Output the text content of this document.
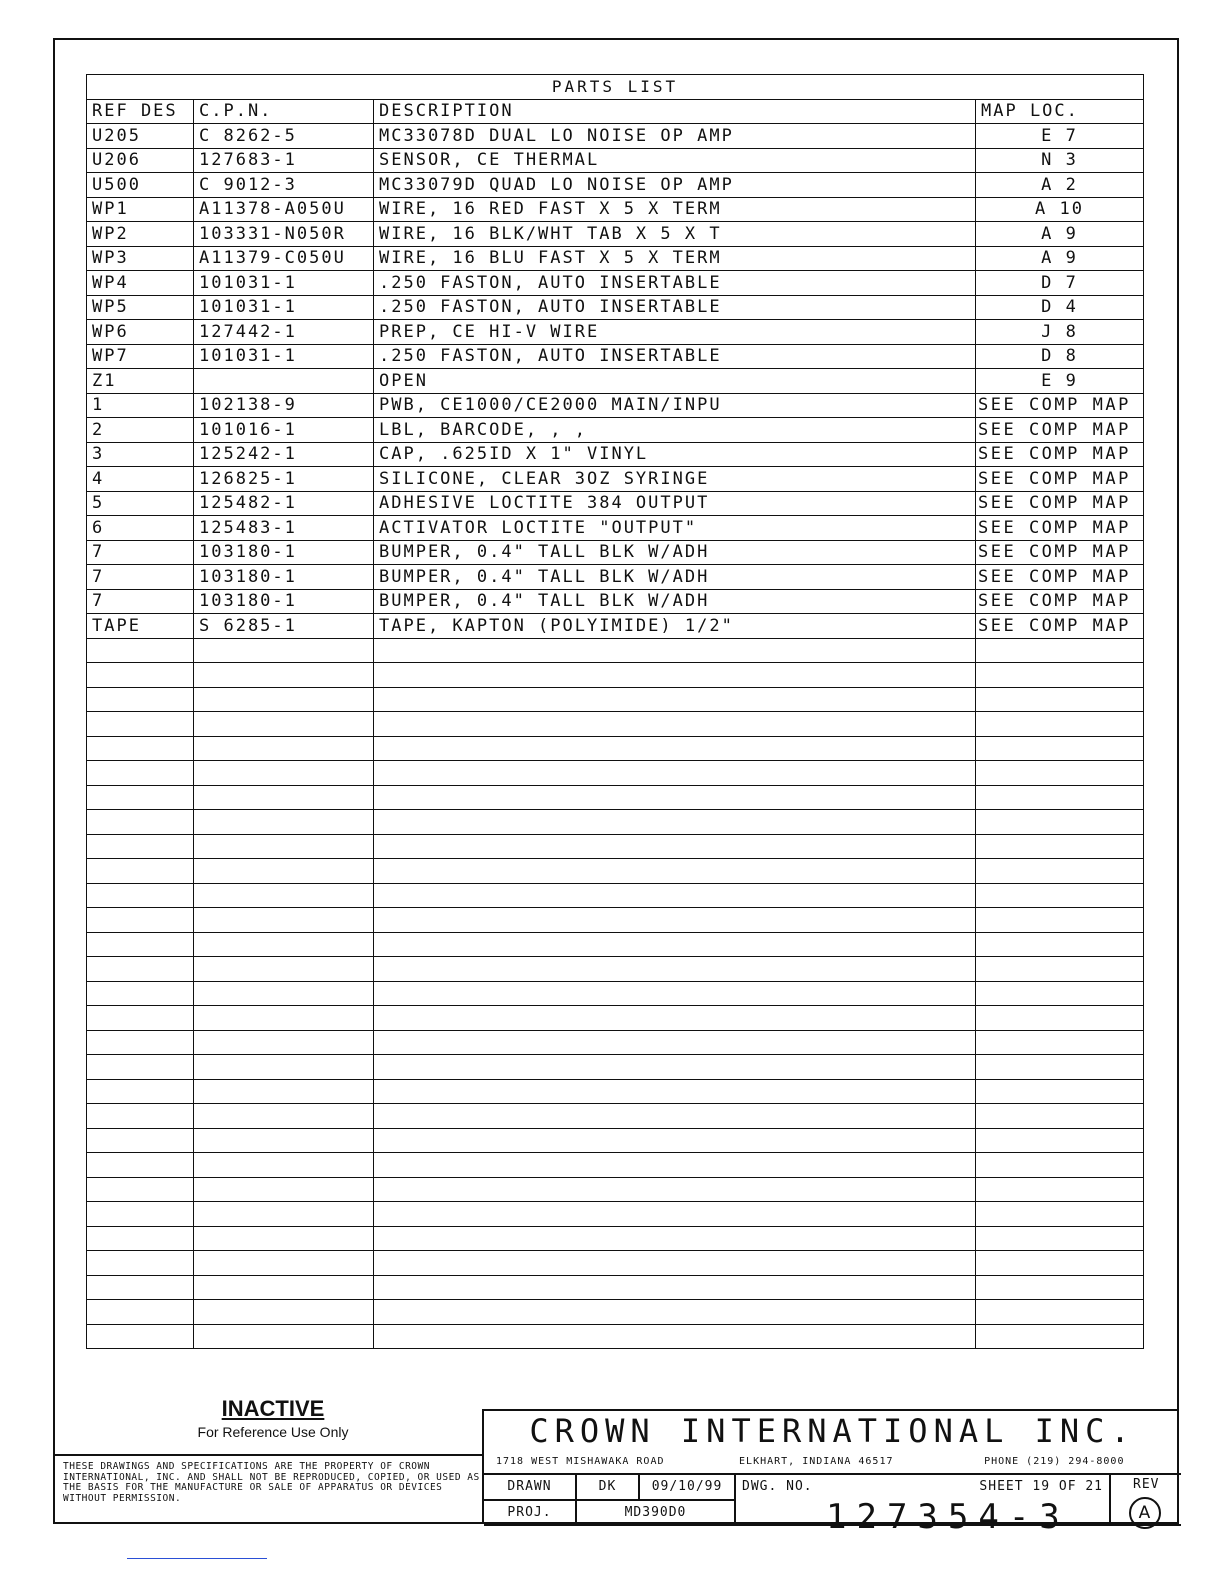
PARTS LIST			
REF DES	C.P.N.	DESCRIPTION	MAP LOC.
U205	C 8262-5	MC33078D DUAL LO NOISE OP AMP	E 7
U206	127683-1	SENSOR, CE THERMAL	N 3
U500	C 9012-3	MC33079D QUAD LO NOISE OP AMP	A 2
WP1	A11378-A050U	WIRE, 16 RED FAST X 5 X TERM	A 10
WP2	103331-N050R	WIRE, 16 BLK/WHT TAB X 5 X T	A 9
WP3	A11379-C050U	WIRE, 16 BLU FAST X 5 X TERM	A 9
WP4	101031-1	.250 FASTON, AUTO INSERTABLE	D 7
WP5	101031-1	.250 FASTON, AUTO INSERTABLE	D 4
WP6	127442-1	PREP, CE HI-V WIRE	J 8
WP7	101031-1	.250 FASTON, AUTO INSERTABLE	D 8
Z1		OPEN	E 9
1	102138-9	PWB, CE1000/CE2000 MAIN/INPU	SEE COMP MAP
2	101016-1	LBL, BARCODE, , ,	SEE COMP MAP
3	125242-1	CAP, .625ID X 1" VINYL	SEE COMP MAP
4	126825-1	SILICONE, CLEAR 3OZ SYRINGE	SEE COMP MAP
5	125482-1	ADHESIVE LOCTITE 384 OUTPUT	SEE COMP MAP
6	125483-1	ACTIVATOR LOCTITE "OUTPUT"	SEE COMP MAP
7	103180-1	BUMPER, 0.4" TALL BLK W/ADH	SEE COMP MAP
7	103180-1	BUMPER, 0.4" TALL BLK W/ADH	SEE COMP MAP
7	103180-1	BUMPER, 0.4" TALL BLK W/ADH	SEE COMP MAP
TAPE	S 6285-1	TAPE, KAPTON (POLYIMIDE) 1/2"	SEE COMP MAP

INACTIVE
For Reference Use Only
THESE DRAWINGS AND SPECIFICATIONS ARE THE PROPERTY OF CROWN INTERNATIONAL, INC. AND SHALL NOT BE REPRODUCED, COPIED, OR USED AS THE BASIS FOR THE MANUFACTURE OR SALE OF APPARATUS OR DEVICES WITHOUT PERMISSION.
CROWN INTERNATIONAL INC.
1718 WEST MISHAWAKA ROAD	ELKHART, INDIANA 46517	PHONE (219) 294-8000
DRAWN	DK	09/10/99
PROJ.	MD390D0
DWG. NO.	SHEET 19 OF 21
127354-3
REV
A
